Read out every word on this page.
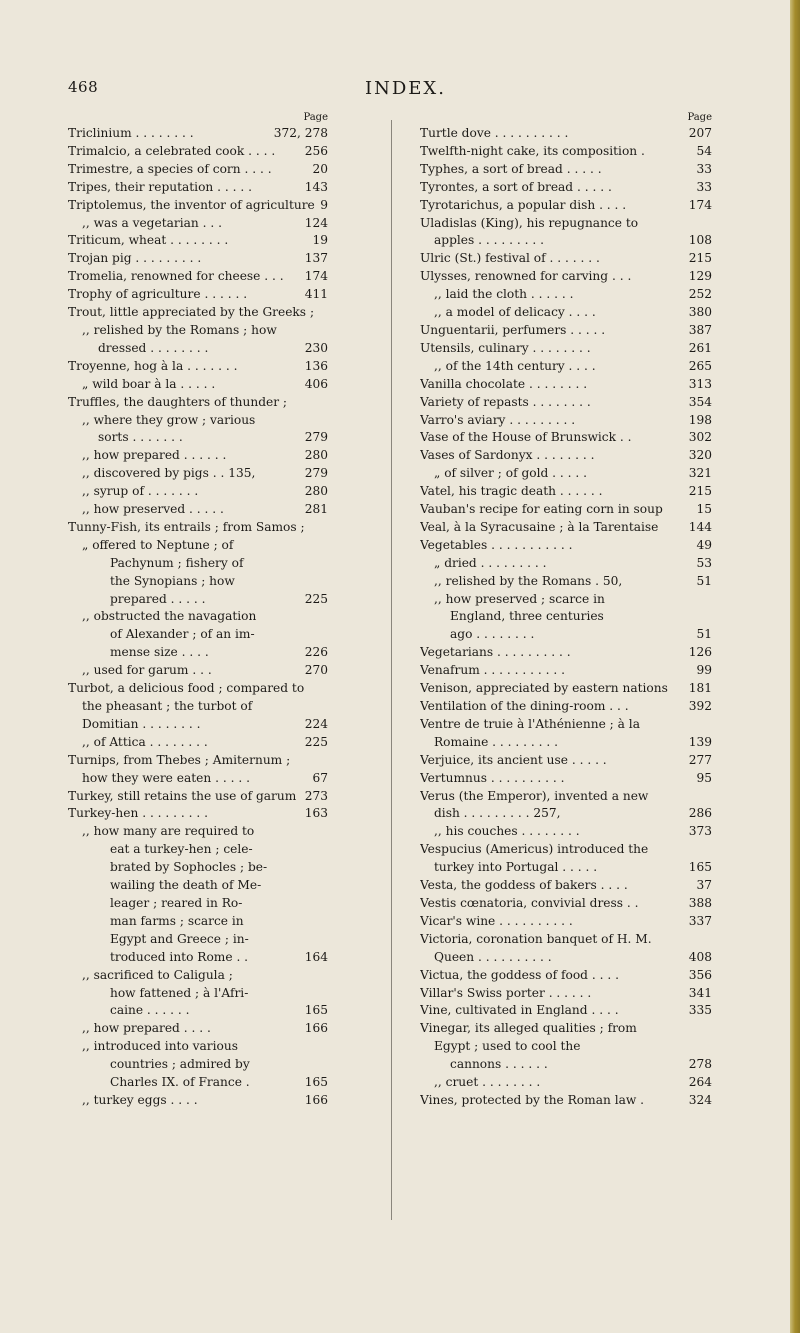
468	INDEX.
Page
Triclinium . . . . . . . .	372, 278
Trimalcio, a celebrated cook . . . .	256
Trimestre, a species of corn . . . .	20
Tripes, their reputation . . . . .	143
Triptolemus, the inventor of agriculture 9
,, was a vegetarian . . .	124
Triticum, wheat . . . . . . . .	19
Trojan pig . . . . . . . . .	137
Tromelia, renowned for cheese . . .	174
Trophy of agriculture . . . . . .	411
Trout, little appreciated by the Greeks ;
,, relished by the Romans ; how
dressed . . . . . . . .	230
Troyenne, hog à la . . . . . . .	136
„ wild boar à la . . . . .	406
Truffles, the daughters of thunder ;
,, where they grow ; various
sorts . . . . . . .	279
,, how prepared . . . . . .	280
,, discovered by pigs . . 135,	279
,, syrup of . . . . . . .	280
,, how preserved . . . . .	281
Tunny-Fish, its entrails ; from Samos ;
„ offered to Neptune ; of
Pachynum ; fishery of
the Synopians ; how
prepared . . . . .	225
,, obstructed the navagation
of Alexander ; of an im-
mense size . . . .	226
,, used for garum . . .	270
Turbot, a delicious food ; compared to
the pheasant ; the turbot of
Domitian . . . . . . . .	224
,, of Attica . . . . . . . .	225
Turnips, from Thebes ; Amiternum ;
how they were eaten . . . . .	67
Turkey, still retains the use of garum 273
Turkey-hen . . . . . . . . .	163
,, how many are required to
eat a turkey-hen ; cele-
brated by Sophocles ; be-
wailing the death of Me-
leager ; reared in Ro-
man farms ; scarce in
Egypt and Greece ; in-
troduced into Rome . .	164
,, sacrificed to Caligula ;
how fattened ; à l'Afri-
caine . . . . . .	165
,, how prepared . . . .	166
,, introduced into various
countries ; admired by
Charles IX. of France .	165
,, turkey eggs . . . .	166
Page
Turtle dove . . . . . . . . . .	207
Twelfth-night cake, its composition .	54
Typhes, a sort of bread . . . . .	33
Tyrontes, a sort of bread . . . . .	33
Tyrotarichus, a popular dish . . . .	174
Uladislas (King), his repugnance to
apples . . . . . . . . .	108
Ulric (St.) festival of . . . . . . .	215
Ulysses, renowned for carving . . .	129
,, laid the cloth . . . . . .	252
,, a model of delicacy . . . .	380
Unguentarii, perfumers . . . . .	387
Utensils, culinary . . . . . . . .	261
,, of the 14th century . . . .	265
Vanilla chocolate . . . . . . . .	313
Variety of repasts . . . . . . . .	354
Varro's aviary . . . . . . . . .	198
Vase of the House of Brunswick . .	302
Vases of Sardonyx . . . . . . . .	320
„ of silver ; of gold . . . . .	321
Vatel, his tragic death . . . . . .	215
Vauban's recipe for eating corn in soup	15
Veal, à la Syracusaine ; à la Tarentaise	144
Vegetables . . . . . . . . . . .	49
„ dried . . . . . . . . .	53
,, relished by the Romans . 50,	51
,, how preserved ; scarce in
England, three centuries
ago . . . . . . . .	51
Vegetarians . . . . . . . . . .	126
Venafrum . . . . . . . . . . .	99
Venison, appreciated by eastern nations	181
Ventilation of the dining-room . . .	392
Ventre de truie à l'Athénienne ; à la
Romaine . . . . . . . . .	139
Verjuice, its ancient use . . . . .	277
Vertumnus . . . . . . . . . .	95
Verus (the Emperor), invented a new
dish . . . . . . . . . 257,	286
,, his couches . . . . . . . .	373
Vespucius (Americus) introduced the
turkey into Portugal . . . . .	165
Vesta, the goddess of bakers . . . .	37
Vestis cœnatoria, convivial dress . .	388
Vicar's wine . . . . . . . . . .	337
Victoria, coronation banquet of H. M.
Queen . . . . . . . . . .	408
Victua, the goddess of food . . . .	356
Villar's Swiss porter . . . . . .	341
Vine, cultivated in England . . . .	335
Vinegar, its alleged qualities ; from
Egypt ; used to cool the
cannons . . . . . .	278
,, cruet . . . . . . . .	264
Vines, protected by the Roman law .	324
